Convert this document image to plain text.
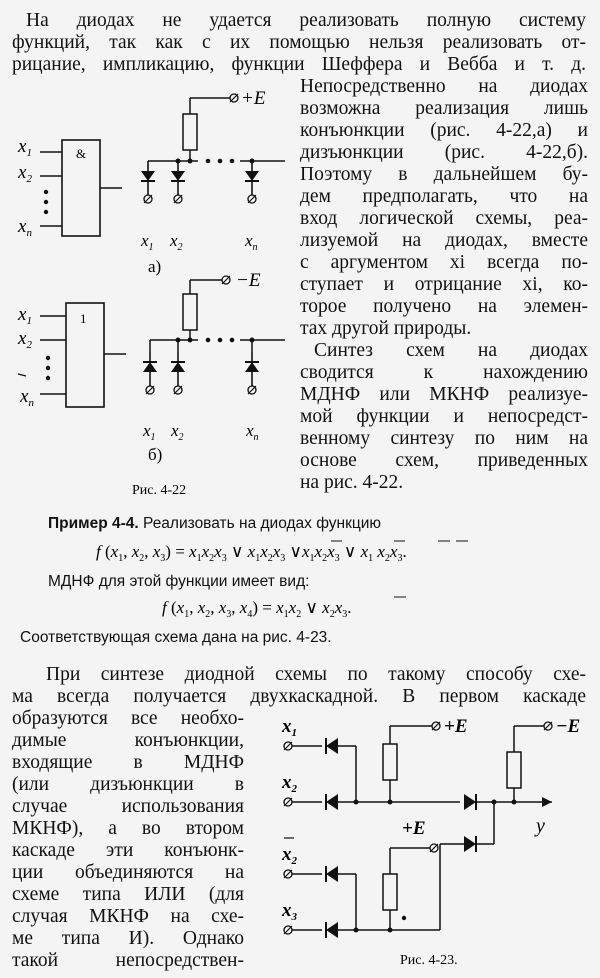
На диодах не удается реализовать полную систему
функций, так как с их помощью нельзя реализовать от-
рицание, импликацию, функции Шеффера и Вебба и т. д.
Непосредственно на диодах
возможна реализация лишь
конъюнкции (рис. 4-22,а) и
дизъюнкции (рис. 4-22,б).
Поэтому в дальнейшем бу-
дем предполагать, что на
вход логической схемы, реа-
лизуемой на диодах, вместе
с аргументом xi всегда по-
ступает и отрицание xi, ко-
торое получено на элемен-
тах другой природы.
Синтез схем на диодах
сводится к нахождению
МДНФ или МКНФ реализуе-
мой функции и непосредст-
венному синтезу по ним на
основе схем, приведенных
на рис. 4-22.
&
$x_1$
$x_2$
$x_n$
+E
$x_1$ $x_2$	$x_n$
а)
1
$x_1$
$x_2$
$x_n$
−E
$x_1$ $x_2$	$x_n$
б)
Рис. 4-22
Пример 4-4. Реализовать на диодах функцию
f ($x_1$, $x_2$, $x_3) = x_1x_2x_3$ ∨ $x_1x_2x_3$ $\vee x_1x_2x_3$ ∨ $x_1$ $x_2x_3$.
f (x1, x2, x3) = x1x2x3 ∨ x1x2x̄3 ∨ x1x̄2x3 ∨ x̄1x̄2x3.
МДНФ для этой функции имеет вид:
f ($x_1$, $x_2$, $x_3$, $x_4) = x_1x_2$ ∨ $x_2x_3$.
f (x1, x2, x3, x4) = x1x2 ∨ x̄2x3.
Соответствующая схема дана на рис. 4-23.
При синтезе диодной схемы по такому способу схе-
ма всегда получается двухкаскадной. В первом каскаде
образуются все необхо-
димые конъюнкции,
входящие в МДНФ
(или дизъюнкции в
случае использования
МКНФ), а во втором
каскаде эти конъюнк-
ции объединяются на
схеме типа ИЛИ (для
случая МКНФ на схе-
ме типа И). Однако
такой непосредствен-
$x_1$
$x_2$
$x_2$
$x_3$
+E
y
−E
+E
Рис. 4-23.
